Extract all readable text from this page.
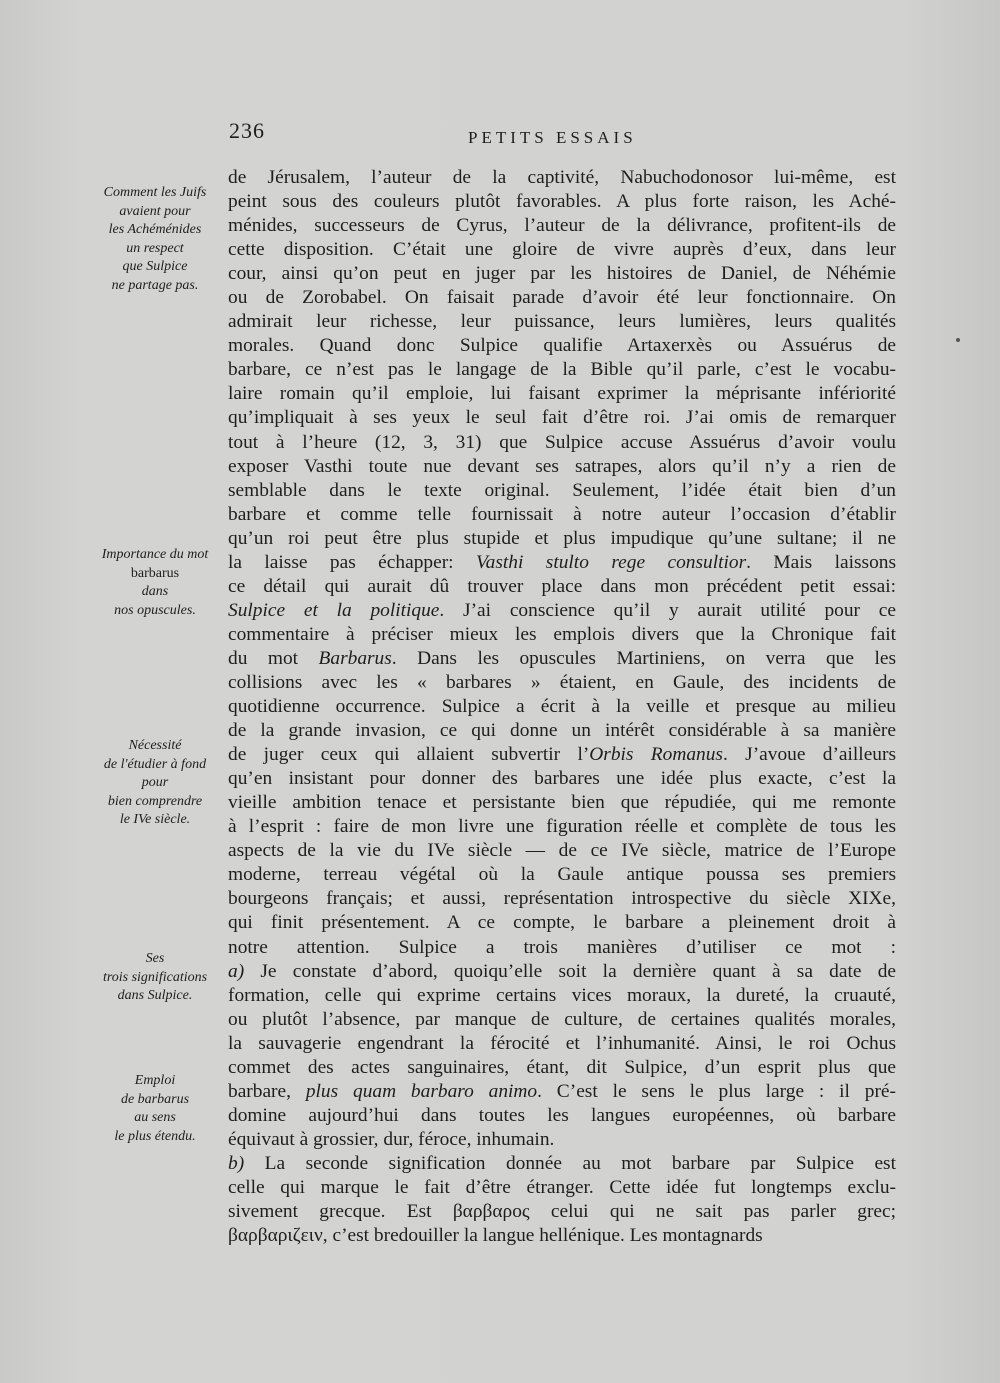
236	PETITS ESSAIS
Comment les Juifs
avaient pour
les Achéménides
un respect
que Sulpice
ne partage pas.
Importance du mot
barbarus
dans
nos opuscules.
Nécessité
de l'étudier à fond
pour
bien comprendre
le IVe siècle.
Ses
trois significations
dans Sulpice.
Emploi
de barbarus
au sens
le plus étendu.
de Jérusalem, l’auteur de la captivité, Nabuchodonosor lui-même, est
peint sous des couleurs plutôt favorables. A plus forte raison, les Aché-
ménides, successeurs de Cyrus, l’auteur de la délivrance, profitent-ils de
cette disposition. C’était une gloire de vivre auprès d’eux, dans leur
cour, ainsi qu’on peut en juger par les histoires de Daniel, de Néhémie
ou de Zorobabel. On faisait parade d’avoir été leur fonctionnaire. On
admirait leur richesse, leur puissance, leurs lumières, leurs qualités
morales. Quand donc Sulpice qualifie Artaxerxès ou Assuérus de
barbare, ce n’est pas le langage de la Bible qu’il parle, c’est le vocabu-
laire romain qu’il emploie, lui faisant exprimer la méprisante infériorité
qu’impliquait à ses yeux le seul fait d’être roi. J’ai omis de remarquer
tout à l’heure (12, 3, 31) que Sulpice accuse Assuérus d’avoir voulu
exposer Vasthi toute nue devant ses satrapes, alors qu’il n’y a rien de
semblable dans le texte original. Seulement, l’idée était bien d’un
barbare et comme telle fournissait à notre auteur l’occasion d’établir
qu’un roi peut être plus stupide et plus impudique qu’une sultane; il ne
la laisse pas échapper: Vasthi stulto rege consultior. Mais laissons
ce détail qui aurait dû trouver place dans mon précédent petit essai:
Sulpice et la politique. J’ai conscience qu’il y aurait utilité pour ce
commentaire à préciser mieux les emplois divers que la Chronique fait
du mot Barbarus. Dans les opuscules Martiniens, on verra que les
collisions avec les « barbares » étaient, en Gaule, des incidents de
quotidienne occurrence. Sulpice a écrit à la veille et presque au milieu
de la grande invasion, ce qui donne un intérêt considérable à sa manière
de juger ceux qui allaient subvertir l’Orbis Romanus. J’avoue d’ailleurs
qu’en insistant pour donner des barbares une idée plus exacte, c’est la
vieille ambition tenace et persistante bien que répudiée, qui me remonte
à l’esprit : faire de mon livre une figuration réelle et complète de tous les
aspects de la vie du IVe siècle — de ce IVe siècle, matrice de l’Europe
moderne, terreau végétal où la Gaule antique poussa ses premiers
bourgeons français; et aussi, représentation introspective du siècle XIXe,
qui finit présentement. A ce compte, le barbare a pleinement droit à
notre attention. Sulpice a trois manières d’utiliser ce mot :
a) Je constate d’abord, quoiqu’elle soit la dernière quant à sa date de
formation, celle qui exprime certains vices moraux, la dureté, la cruauté,
ou plutôt l’absence, par manque de culture, de certaines qualités morales,
la sauvagerie engendrant la férocité et l’inhumanité. Ainsi, le roi Ochus
commet des actes sanguinaires, étant, dit Sulpice, d’un esprit plus que
barbare, plus quam barbaro animo. C’est le sens le plus large : il pré-
domine aujourd’hui dans toutes les langues européennes, où barbare
équivaut à grossier, dur, féroce, inhumain.
b) La seconde signification donnée au mot barbare par Sulpice est
celle qui marque le fait d’être étranger. Cette idée fut longtemps exclu-
sivement grecque. Est βαρβαρος celui qui ne sait pas parler grec;
βαρβαριζειν, c’est bredouiller la langue hellénique. Les montagnards
